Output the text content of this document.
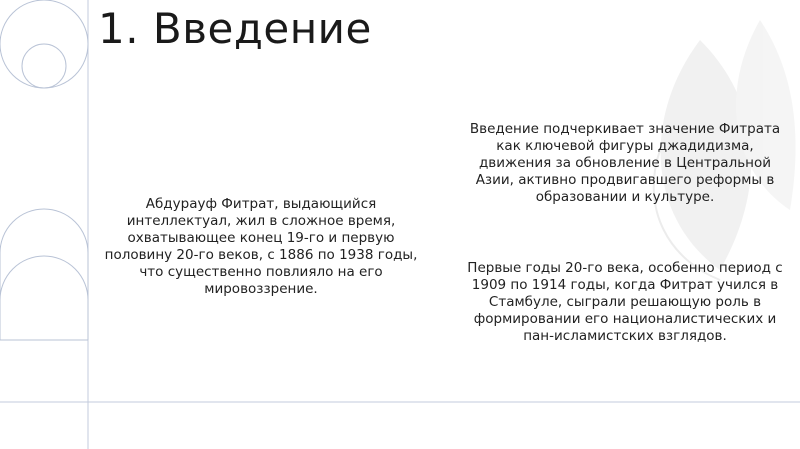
1. Введение
Абдурауф Фитрат, выдающийся интеллектуал, жил в сложное время, охватывающее конец 19-го и первую половину 20-го веков, с 1886 по 1938 годы, что существенно повлияло на его мировоззрение.
Введение подчеркивает значение Фитрата как ключевой фигуры джадидизма, движения за обновление в Центральной Азии, активно продвигавшего реформы в образовании и культуре.
Первые годы 20-го века, особенно период с 1909 по 1914 годы, когда Фитрат учился в Стамбуле, сыграли решающую роль в формировании его националистических и пан-исламистских взглядов.
